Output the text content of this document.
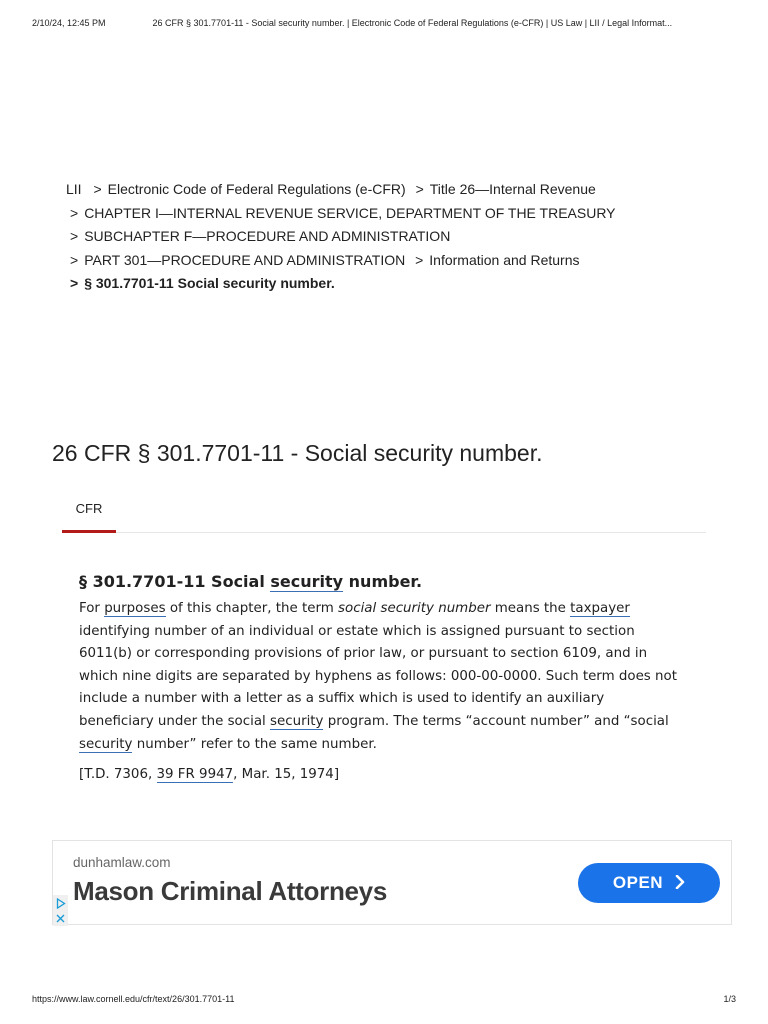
2/10/24, 12:45 PM	26 CFR § 301.7701-11 - Social security number. | Electronic Code of Federal Regulations (e-CFR) | US Law | LII / Legal Informat...
LII > Electronic Code of Federal Regulations (e-CFR) > Title 26—Internal Revenue
> CHAPTER I—INTERNAL REVENUE SERVICE, DEPARTMENT OF THE TREASURY
> SUBCHAPTER F—PROCEDURE AND ADMINISTRATION
> PART 301—PROCEDURE AND ADMINISTRATION > Information and Returns
> § 301.7701-11 Social security number.
26 CFR § 301.7701-11 - Social security number.
CFR
§ 301.7701-11 Social security number.

For purposes of this chapter, the term social security number means the taxpayer identifying number of an individual or estate which is assigned pursuant to section 6011(b) or corresponding provisions of prior law, or pursuant to section 6109, and in which nine digits are separated by hyphens as follows: 000-00-0000. Such term does not include a number with a letter as a suffix which is used to identify an auxiliary beneficiary under the social security program. The terms “account number” and “social security number” refer to the same number.

[T.D. 7306, 39 FR 9947, Mar. 15, 1974]
dunhamlaw.com
Mason Criminal Attorneys	OPEN
https://www.law.cornell.edu/cfr/text/26/301.7701-11	1/3
